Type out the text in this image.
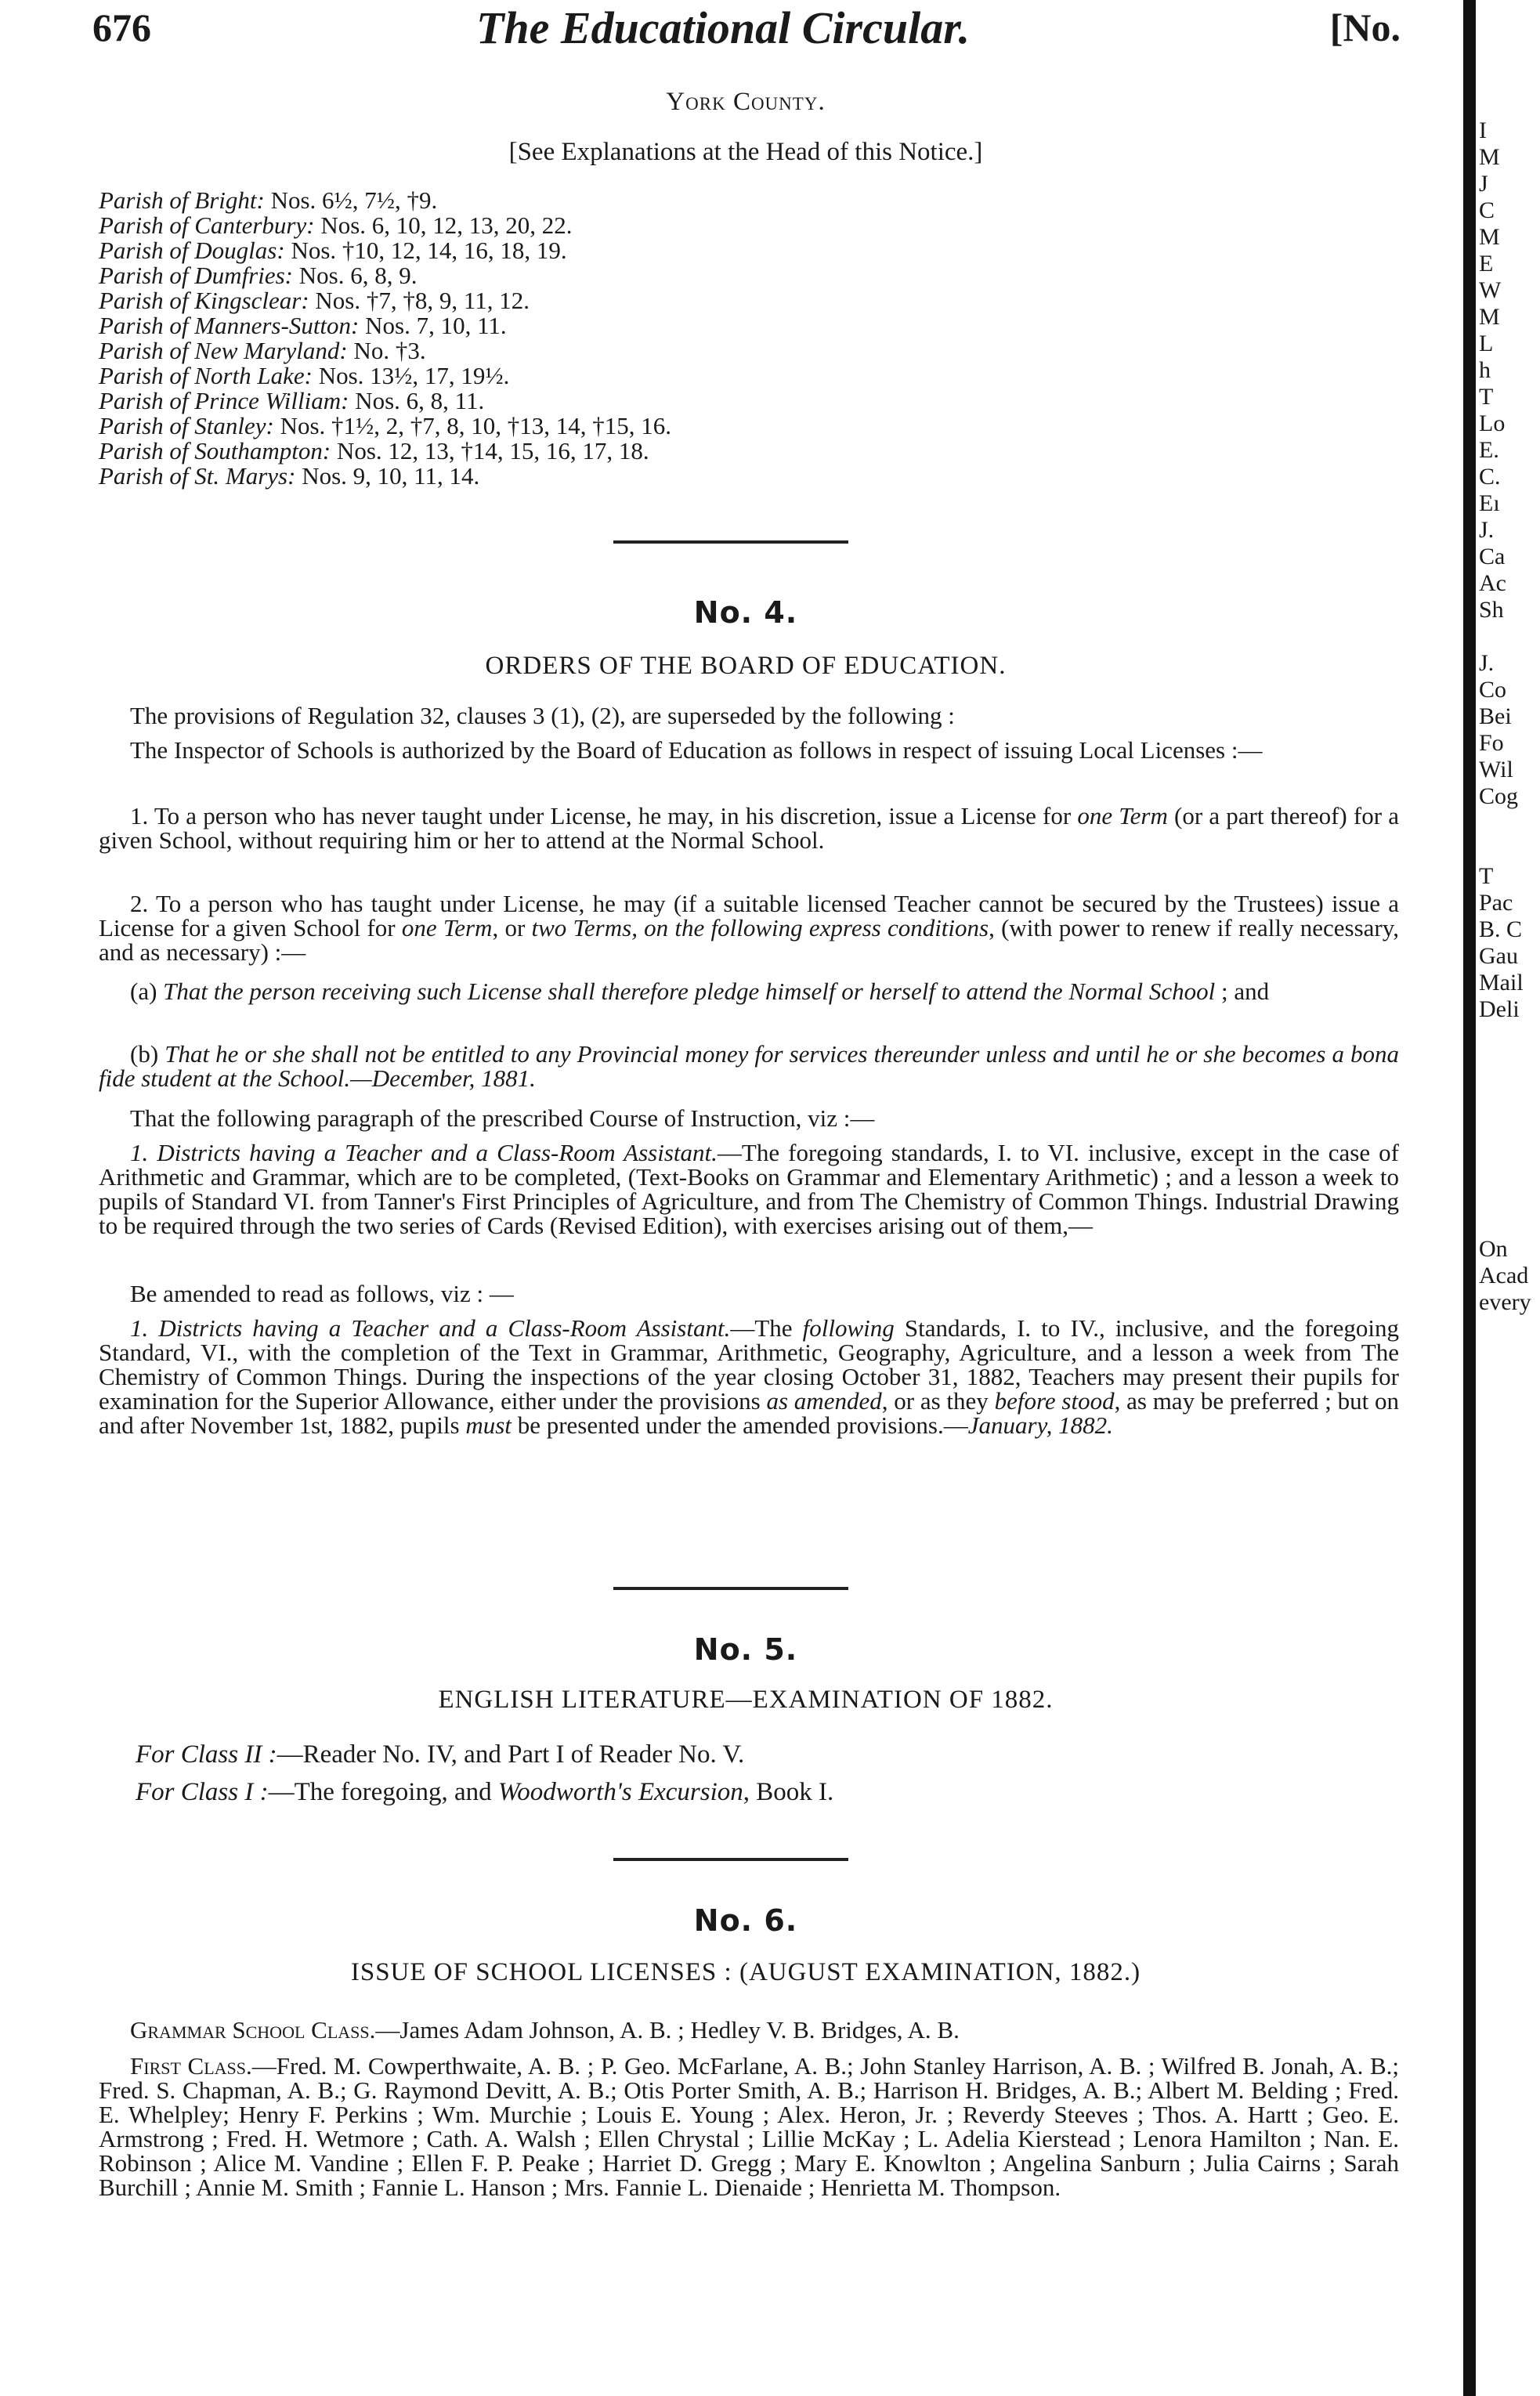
676	The Educational Circular.	[No.
I
M
J
C
M
E
W
M
L
h
T
Lo
E.
C.
Eı
J.
Ca
Ac
Sh
J.
Co
Bei
Fo
Wil
Cog
T
Pac
B. C
Gau
Mail
Deli
On
Acad
every
York County.
[See Explanations at the Head of this Notice.]
Parish of Bright: Nos. 6½, 7½, †9.
Parish of Canterbury: Nos. 6, 10, 12, 13, 20, 22.
Parish of Douglas: Nos. †10, 12, 14, 16, 18, 19.
Parish of Dumfries: Nos. 6, 8, 9.
Parish of Kingsclear: Nos. †7, †8, 9, 11, 12.
Parish of Manners-Sutton: Nos. 7, 10, 11.
Parish of New Maryland: No. †3.
Parish of North Lake: Nos. 13½, 17, 19½.
Parish of Prince William: Nos. 6, 8, 11.
Parish of Stanley: Nos. †1½, 2, †7, 8, 10, †13, 14, †15, 16.
Parish of Southampton: Nos. 12, 13, †14, 15, 16, 17, 18.
Parish of St. Marys: Nos. 9, 10, 11, 14.
No. 4.
ORDERS OF THE BOARD OF EDUCATION.
The provisions of Regulation 32, clauses 3 (1), (2), are superseded by the following :
The Inspector of Schools is authorized by the Board of Education as follows in respect of issuing Local Licenses :—
1. To a person who has never taught under License, he may, in his discretion, issue a License for one Term (or a part thereof) for a given School, without requiring him or her to attend at the Normal School.
2. To a person who has taught under License, he may (if a suitable licensed Teacher cannot be secured by the Trustees) issue a License for a given School for one Term, or two Terms, on the following express conditions, (with power to renew if really necessary, and as necessary) :—
(a) That the person receiving such License shall therefore pledge himself or herself to attend the Normal School ; and
(b) That he or she shall not be entitled to any Provincial money for services thereunder unless and until he or she becomes a bona fide student at the School.—December, 1881.
That the following paragraph of the prescribed Course of Instruction, viz :—
1. Districts having a Teacher and a Class-Room Assistant.—The foregoing standards, I. to VI. inclusive, except in the case of Arithmetic and Grammar, which are to be completed, (Text-Books on Grammar and Elementary Arithmetic) ; and a lesson a week to pupils of Standard VI. from Tanner's First Principles of Agriculture, and from The Chemistry of Common Things. Industrial Drawing to be required through the two series of Cards (Revised Edition), with exercises arising out of them,—
Be amended to read as follows, viz : —
1. Districts having a Teacher and a Class-Room Assistant.—The following Standards, I. to IV., inclusive, and the foregoing Standard, VI., with the completion of the Text in Grammar, Arithmetic, Geography, Agriculture, and a lesson a week from The Chemistry of Common Things. During the inspections of the year closing October 31, 1882, Teachers may present their pupils for examination for the Superior Allowance, either under the provisions as amended, or as they before stood, as may be preferred ; but on and after November 1st, 1882, pupils must be presented under the amended provisions.—January, 1882.
No. 5.
ENGLISH LITERATURE—EXAMINATION OF 1882.
For Class II :—Reader No. IV, and Part I of Reader No. V.
For Class I :—The foregoing, and Woodworth's Excursion, Book I.
No. 6.
ISSUE OF SCHOOL LICENSES : (AUGUST EXAMINATION, 1882.)
Grammar School Class.—James Adam Johnson, A. B. ; Hedley V. B. Bridges, A. B.
First Class.—Fred. M. Cowperthwaite, A. B. ; P. Geo. McFarlane, A. B.; John Stanley Harrison, A. B. ; Wilfred B. Jonah, A. B.; Fred. S. Chapman, A. B.; G. Raymond Devitt, A. B.; Otis Porter Smith, A. B.; Harrison H. Bridges, A. B.; Albert M. Belding ; Fred. E. Whelpley; Henry F. Perkins ; Wm. Murchie ; Louis E. Young ; Alex. Heron, Jr. ; Reverdy Steeves ; Thos. A. Hartt ; Geo. E. Armstrong ; Fred. H. Wetmore ; Cath. A. Walsh ; Ellen Chrystal ; Lillie McKay ; L. Adelia Kierstead ; Lenora Hamilton ; Nan. E. Robinson ; Alice M. Vandine ; Ellen F. P. Peake ; Harriet D. Gregg ; Mary E. Knowlton ; Angelina Sanburn ; Julia Cairns ; Sarah Burchill ; Annie M. Smith ; Fannie L. Hanson ; Mrs. Fannie L. Dienaide ; Henrietta M. Thompson.
